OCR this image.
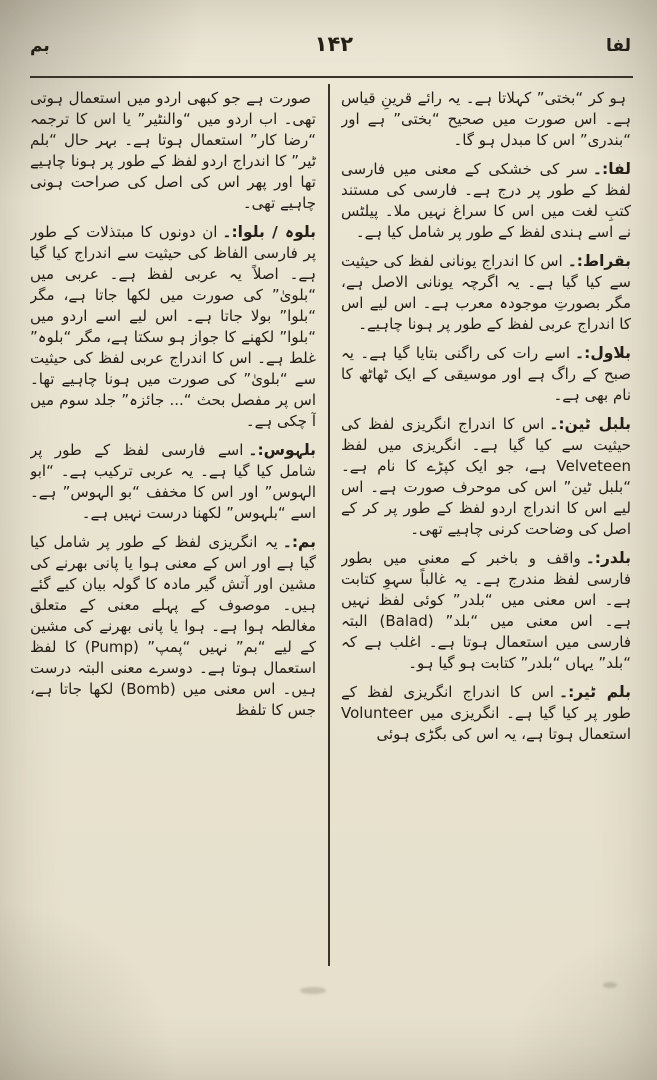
لفا
۱۴۲
بم

ہو کر “بختی” کہلاتا ہے۔ یہ رائے قرینِ قیاس ہے۔ اس صورت میں صحیح “بختی” ہے اور “بندری” اس کا مبدل ہو گا۔

لفا:۔سر کی خشکی کے معنی میں فارسی لفظ کے طور پر درج ہے۔ فارسی کی مستند کتبِ لغت میں اس کا سراغ نہیں ملا۔ پیلٹس نے اسے ہندی لفظ کے طور پر شامل کیا ہے۔

بقراط:۔اس کا اندراج یونانی لفظ کی حیثیت سے کیا گیا ہے۔ یہ اگرچہ یونانی الاصل ہے، مگر بصورتِ موجودہ معرب ہے۔ اس لیے اس کا اندراج عربی لفظ کے طور پر ہونا چاہیے۔

بلاول:۔اسے رات کی راگنی بتایا گیا ہے۔ یہ صبح کے راگ ہے اور موسیقی کے ایک ٹھاٹھ کا نام بھی ہے۔

بلبل ٹین:۔اس کا اندراج انگریزی لفظ کی حیثیت سے کیا گیا ہے۔ انگریزی میں لفظ Velveteen ہے، جو ایک کپڑے کا نام ہے۔ “بلبل ٹین” اس کی موحرف صورت ہے۔ اس لیے اس کا اندراج اردو لفظ کے طور پر کر کے اصل کی وضاحت کرنی چاہیے تھی۔

بلدر:۔واقف و باخبر کے معنی میں بطور فارسی لفظ مندرج ہے۔ یہ غالباً سہوِ کتابت ہے۔ اس معنی میں “بلدر” کوئی لفظ نہیں ہے۔ اس معنی میں “بلد” (Balad) البتہ فارسی میں استعمال ہوتا ہے۔ اغلب ہے کہ “بلد” یہاں “بلدر” کتابت ہو گیا ہو۔

بلم ٹیر:۔اس کا اندراج انگریزی لفظ کے طور پر کیا گیا ہے۔ انگریزی میں Volunteer استعمال ہوتا ہے، یہ اس کی بگڑی ہوئی

صورت ہے جو کبھی اردو میں استعمال ہوتی تھی۔ اب اردو میں “والنٹیر” یا اس کا ترجمہ “رضا کار” استعمال ہوتا ہے۔ بہر حال “بلم ٹیر” کا اندراج اردو لفظ کے طور پر ہونا چاہیے تھا اور پھر اس کی اصل کی صراحت ہونی چاہیے تھی۔

بلوہ / بلوا:۔ان دونوں کا مبتذلات کے طور پر فارسی الفاظ کی حیثیت سے اندراج کیا گیا ہے۔ اصلاً یہ عربی لفظ ہے۔ عربی میں “بلویٰ” کی صورت میں لکھا جاتا ہے، مگر “بلوا” بولا جاتا ہے۔ اس لیے اسے اردو میں “بلوا” لکھنے کا جواز ہو سکتا ہے، مگر “بلوہ” غلط ہے۔ اس کا اندراج عربی لفظ کی حیثیت سے “بلویٰ” کی صورت میں ہونا چاہیے تھا۔ اس پر مفصل بحث “... جائزہ” جلد سوم میں آ چکی ہے۔

بلہوس:۔اسے فارسی لفظ کے طور پر شامل کیا گیا ہے۔ یہ عربی ترکیب ہے۔ “ابو الہوس” اور اس کا مخفف “بو الہوس” ہے۔ اسے “بلہوس” لکھنا درست نہیں ہے۔

بم:۔یہ انگریزی لفظ کے طور پر شامل کیا گیا ہے اور اس کے معنی ہوا یا پانی بھرنے کی مشین اور آتش گیر مادہ کا گولہ بیان کیے گئے ہیں۔ موصوف کے پہلے معنی کے متعلق مغالطہ ہوا ہے۔ ہوا یا پانی بھرنے کی مشین کے لیے “بم” نہیں “پمپ” (Pump) کا لفظ استعمال ہوتا ہے۔ دوسرے معنی البتہ درست ہیں۔ اس معنی میں (Bomb) لکھا جاتا ہے، جس کا تلفظ
